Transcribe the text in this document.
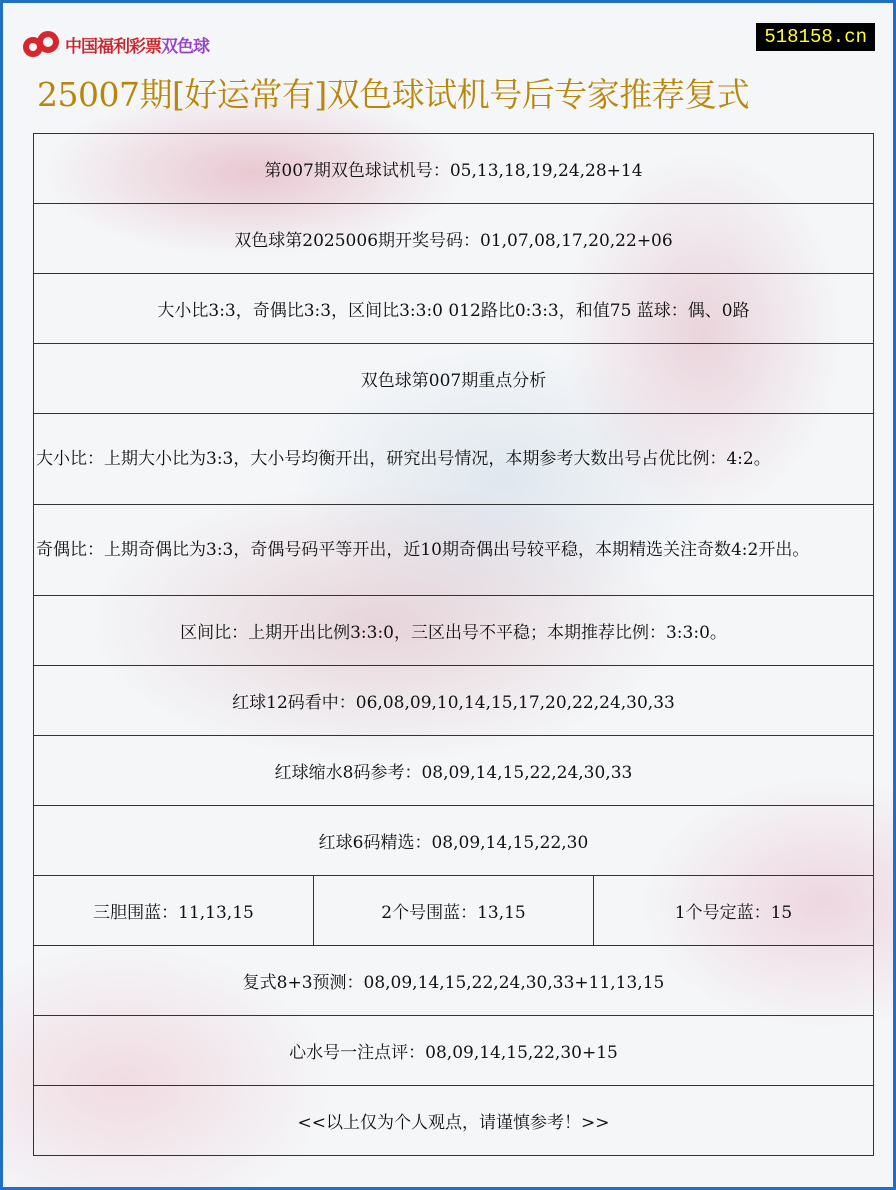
中国福利彩票双色球	518158.cn
25007期[好运常有]双色球试机号后专家推荐复式
第007期双色球试机号：05,13,18,19,24,28+14
双色球第2025006期开奖号码：01,07,08,17,20,22+06
大小比3:3，奇偶比3:3，区间比3:3:0 012路比0:3:3，和值75 蓝球：偶、0路
双色球第007期重点分析
大小比：上期大小比为3:3，大小号均衡开出，研究出号情况，本期参考大数出号占优比例：4:2。
奇偶比：上期奇偶比为3:3，奇偶号码平等开出，近10期奇偶出号较平稳，本期精选关注奇数4:2开出。
区间比：上期开出比例3:3:0，三区出号不平稳；本期推荐比例：3:3:0。
红球12码看中：06,08,09,10,14,15,17,20,22,24,30,33
红球缩水8码参考：08,09,14,15,22,24,30,33
红球6码精选：08,09,14,15,22,30
三胆围蓝：11,13,15	2个号围蓝：13,15	1个号定蓝：15
复式8+3预测：08,09,14,15,22,24,30,33+11,13,15
心水号一注点评：08,09,14,15,22,30+15
<<以上仅为个人观点，请谨慎参考！>>
